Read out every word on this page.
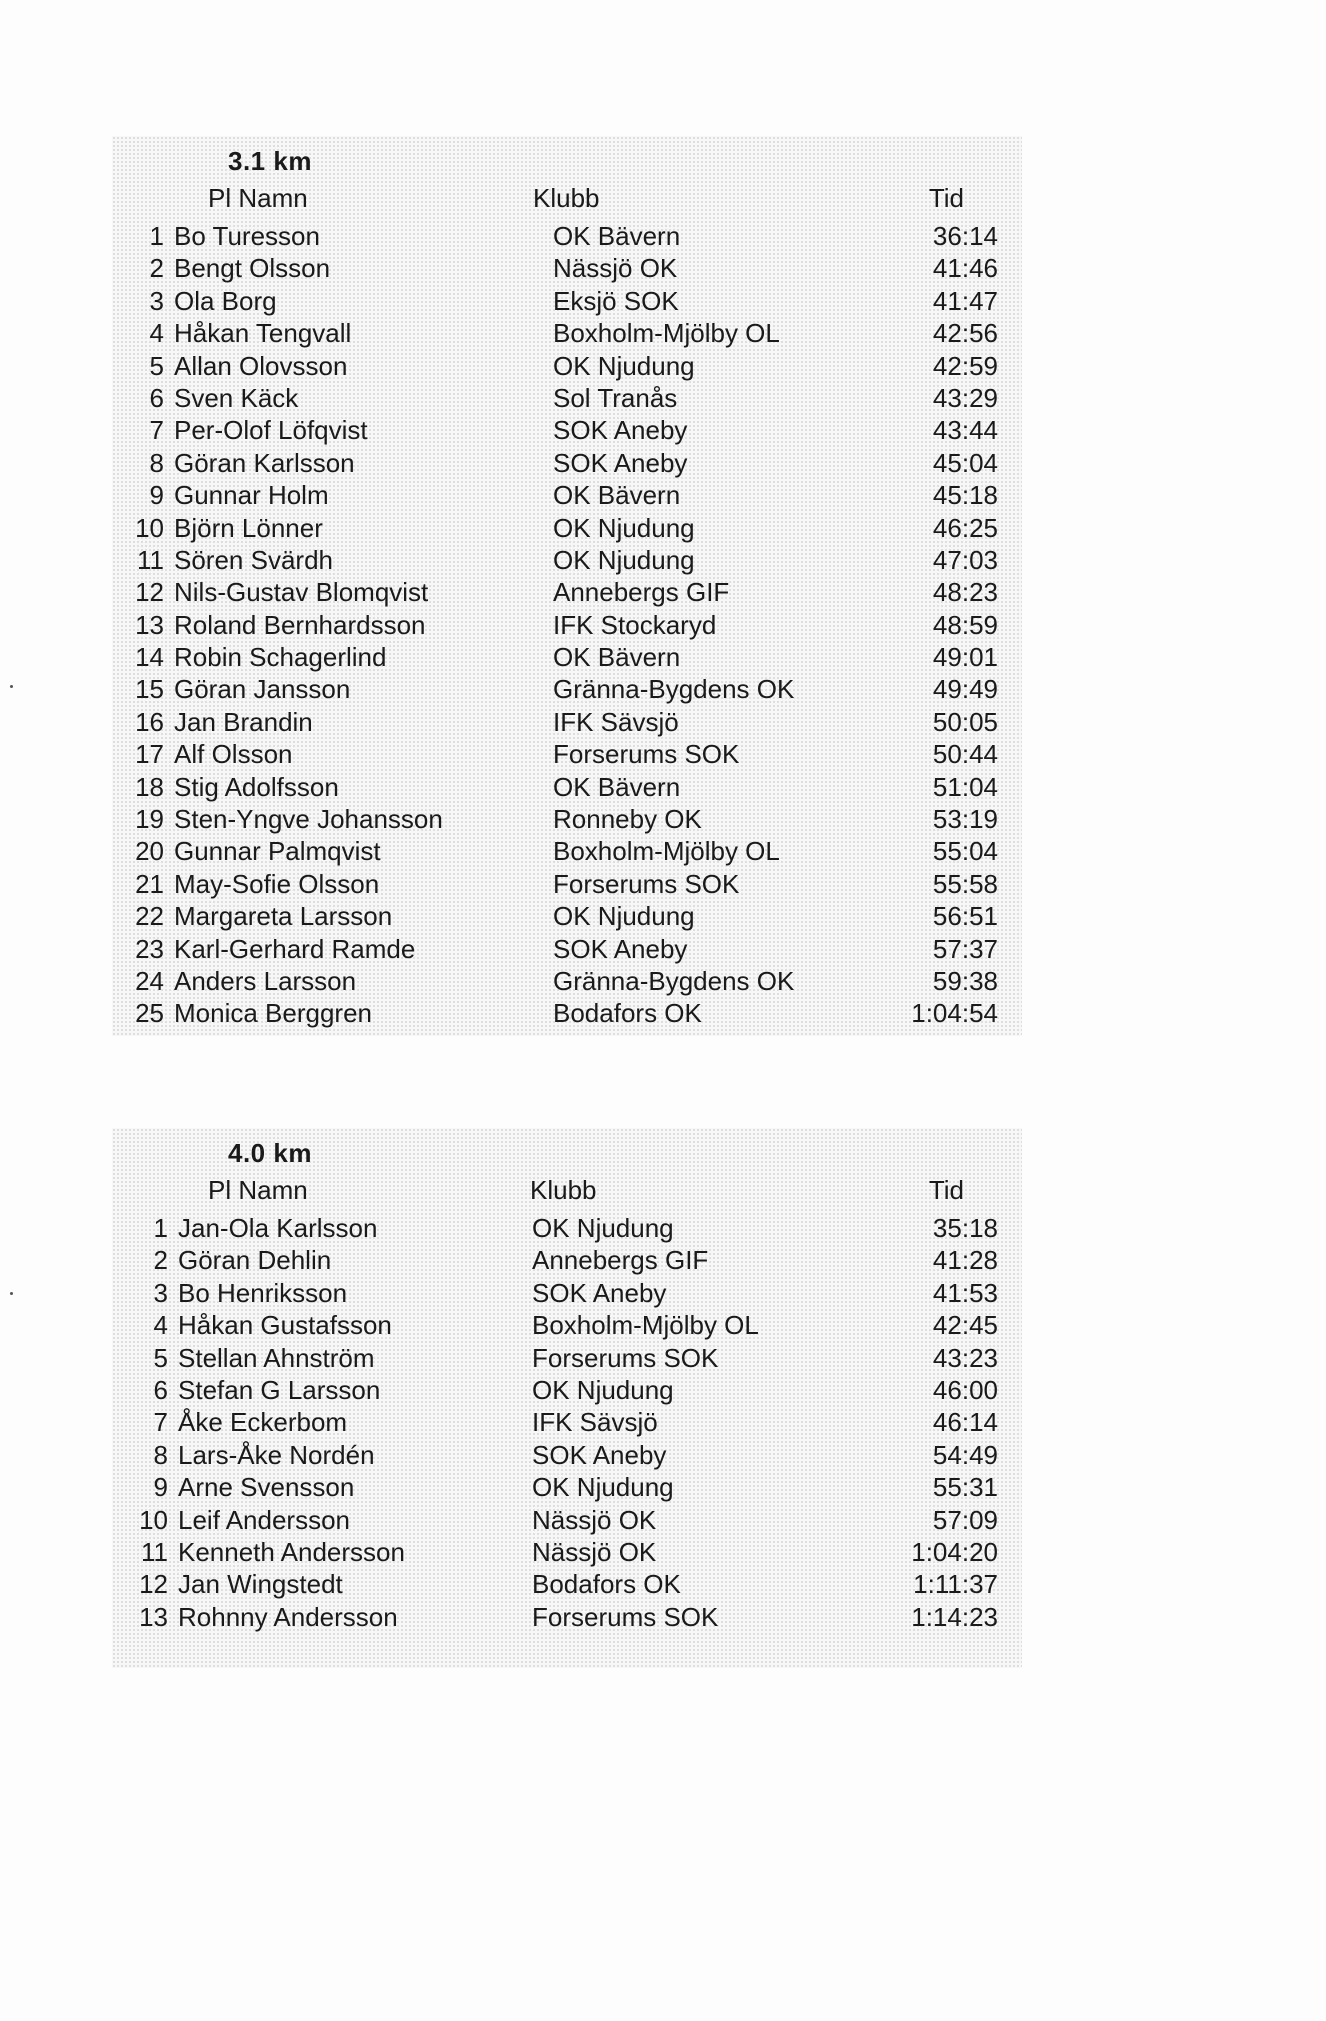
3.1 km
Pl Namn	Klubb	Tid
1 Bo Turesson	OK Bävern	36:14
2 Bengt Olsson	Nässjö OK	41:46
3 Ola Borg	Eksjö SOK	41:47
4 Håkan Tengvall	Boxholm-Mjölby OL	42:56
5 Allan Olovsson	OK Njudung	42:59
6 Sven Käck	Sol Tranås	43:29
7 Per-Olof Löfqvist	SOK Aneby	43:44
8 Göran Karlsson	SOK Aneby	45:04
9 Gunnar Holm	OK Bävern	45:18
10 Björn Lönner	OK Njudung	46:25
11 Sören Svärdh	OK Njudung	47:03
12 Nils-Gustav Blomqvist	Annebergs GIF	48:23
13 Roland Bernhardsson	IFK Stockaryd	48:59
14 Robin Schagerlind	OK Bävern	49:01
15 Göran Jansson	Gränna-Bygdens OK	49:49
16 Jan Brandin	IFK Sävsjö	50:05
17 Alf Olsson	Forserums SOK	50:44
18 Stig Adolfsson	OK Bävern	51:04
19 Sten-Yngve Johansson	Ronneby OK	53:19
20 Gunnar Palmqvist	Boxholm-Mjölby OL	55:04
21 May-Sofie Olsson	Forserums SOK	55:58
22 Margareta Larsson	OK Njudung	56:51
23 Karl-Gerhard Ramde	SOK Aneby	57:37
24 Anders Larsson	Gränna-Bygdens OK	59:38
25 Monica Berggren	Bodafors OK	1:04:54
4.0 km
Pl Namn	Klubb	Tid
1 Jan-Ola Karlsson	OK Njudung	35:18
2 Göran Dehlin	Annebergs GIF	41:28
3 Bo Henriksson	SOK Aneby	41:53
4 Håkan Gustafsson	Boxholm-Mjölby OL	42:45
5 Stellan Ahnström	Forserums SOK	43:23
6 Stefan G Larsson	OK Njudung	46:00
7 Åke Eckerbom	IFK Sävsjö	46:14
8 Lars-Åke Nordén	SOK Aneby	54:49
9 Arne Svensson	OK Njudung	55:31
10 Leif Andersson	Nässjö OK	57:09
11 Kenneth Andersson	Nässjö OK	1:04:20
12 Jan Wingstedt	Bodafors OK	1:11:37
13 Rohnny Andersson	Forserums SOK	1:14:23
